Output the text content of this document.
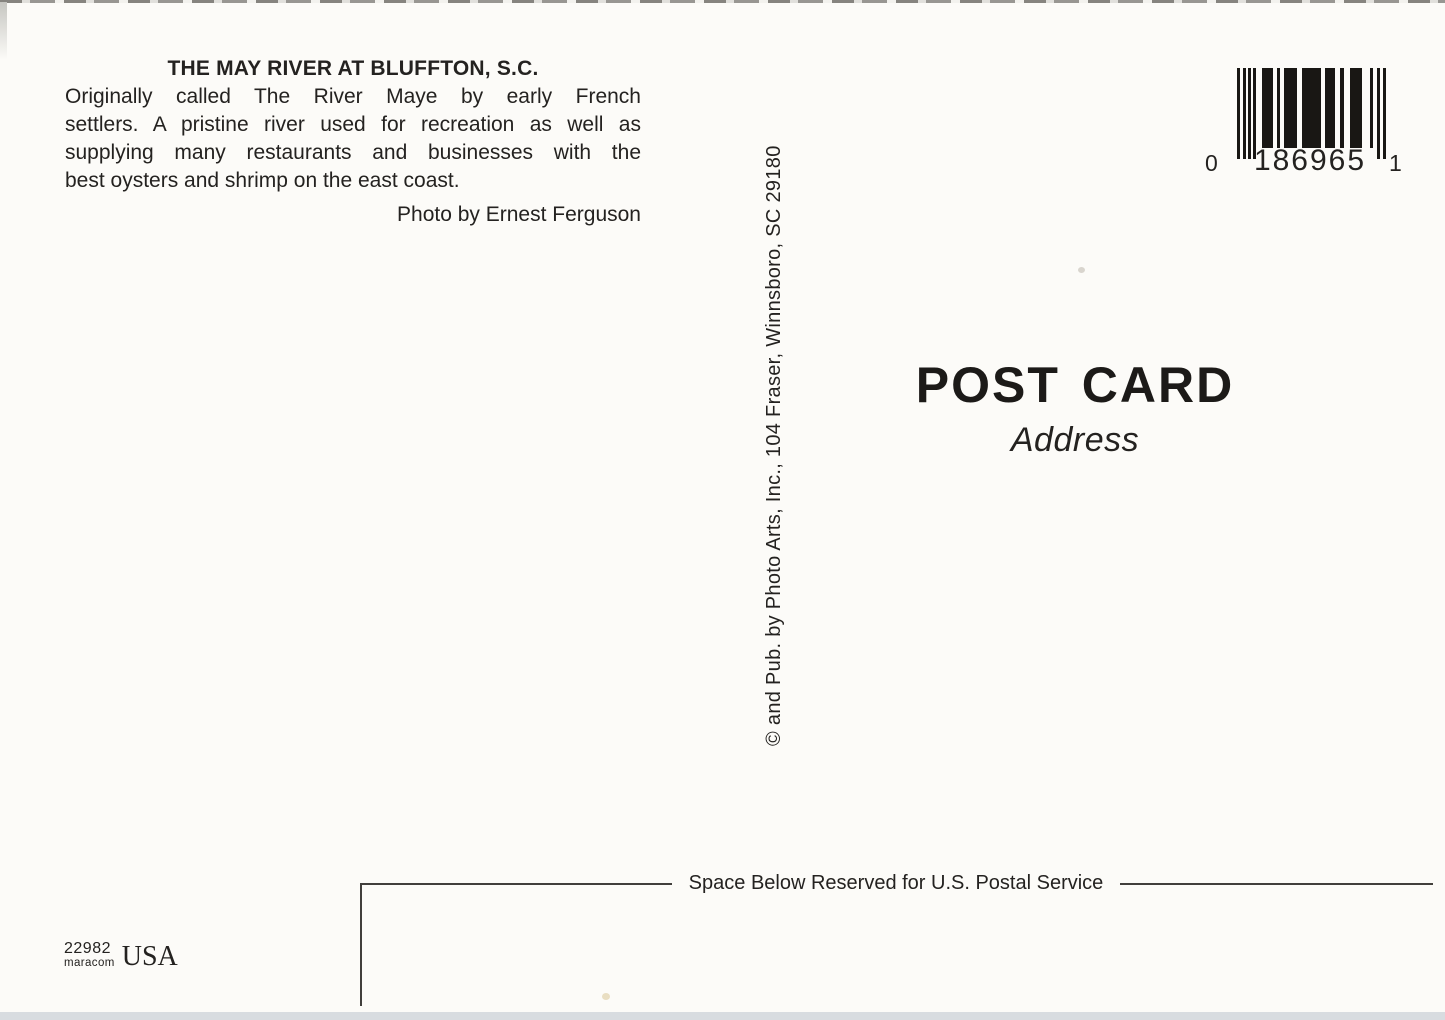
THE MAY RIVER AT BLUFFTON, S.C.
Originally called The River Maye by early French
settlers. A pristine river used for recreation as well as
supplying many restaurants and businesses with the
best oysters and shrimp on the east coast.
Photo by Ernest Ferguson	© and Pub. by Photo Arts, Inc., 104 Fraser, Winnsboro, SC 29180	POST CARD
Address
0 186965 1
Space Below Reserved for U.S. Postal Service
22982
maracom USA
